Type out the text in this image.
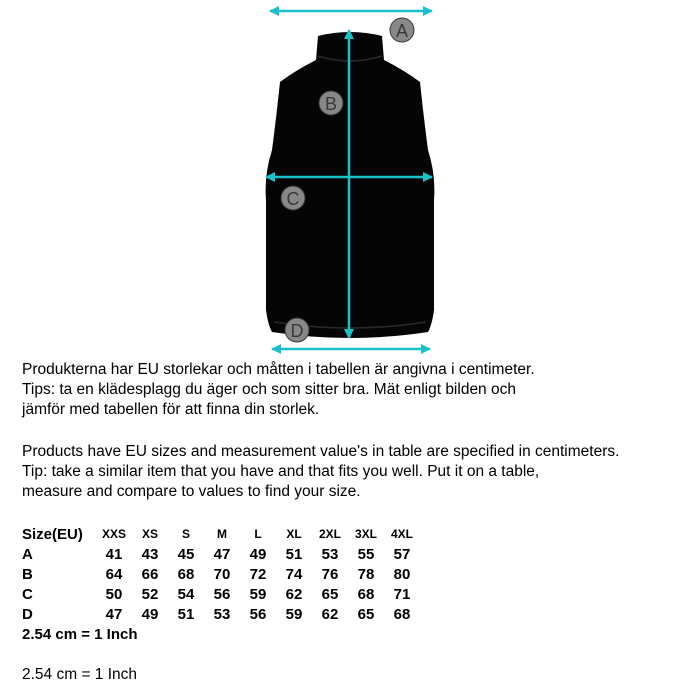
A
B
C
D

Produkterna har EU storlekar och måtten i tabellen är angivna i centimeter.
Tips: ta en klädesplagg du äger och som sitter bra. Mät enligt bilden och
jämför med tabellen för att finna din storlek.

Products have EU sizes and measurement value's in table are specified in centimeters.
Tip: take a similar item that you have and that fits you well. Put it on a table,
measure and compare to values to find your size.

Size(EU)	XXS	XS	S	M	L	XL	2XL	3XL	4XL
A	41	43	45	47	49	51	53	55	57
B	64	66	68	70	72	74	76	78	80
C	50	52	54	56	59	62	65	68	71
D	47	49	51	53	56	59	62	65	68
2.54 cm = 1 Inch
2.54 cm = 1 Inch
